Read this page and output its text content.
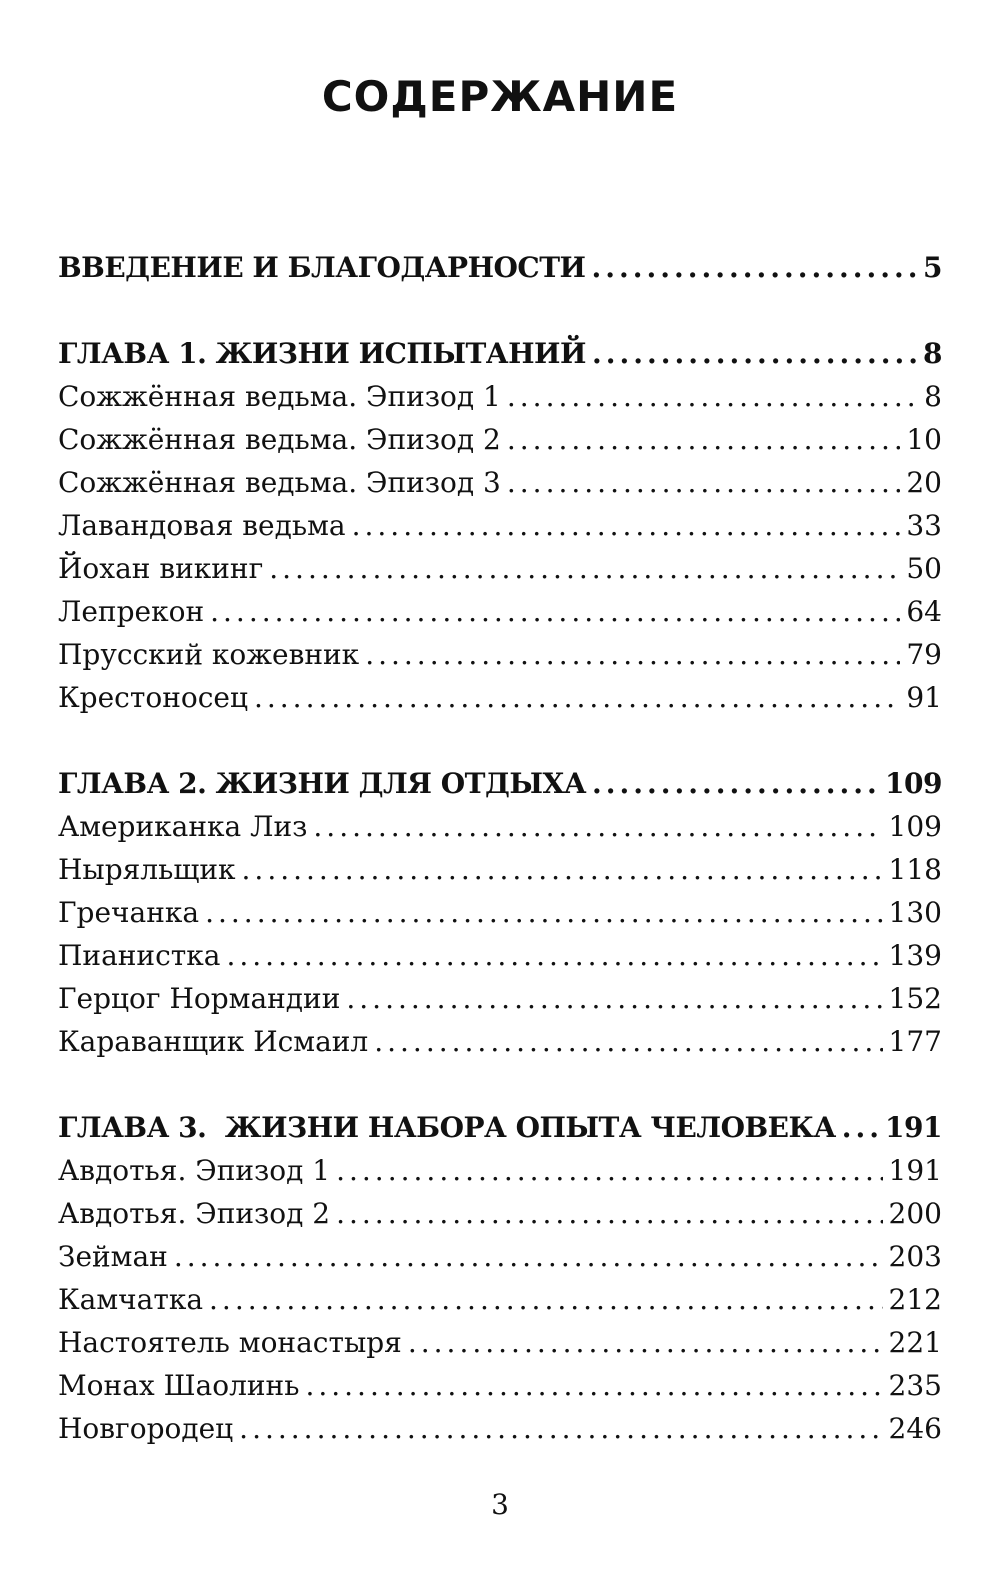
СОДЕРЖАНИЕ
ВВЕДЕНИЕ И БЛАГОДАРНОСТИ .....	5
ГЛАВА 1. ЖИЗНИ ИСПЫТАНИЙ .....	8
Сожжённая ведьма. Эпизод 1 .....	8
Сожжённая ведьма. Эпизод 2 .....	10
Сожжённая ведьма. Эпизод 3 .....	20
Лавандовая ведьма .....	33
Йохан викинг .....	50
Лепрекон .....	64
Прусский кожевник .....	79
Крестоносец .....	91
ГЛАВА 2. ЖИЗНИ ДЛЯ ОТДЫХА .....	109
Американка Лиз .....	109
Ныряльщик .....	118
Гречанка .....	130
Пианистка .....	139
Герцог Нормандии .....	152
Караванщик Исмаил .....	177
ГЛАВА 3.  ЖИЗНИ НАБОРА ОПЫТА ЧЕЛОВЕКА ..... 191
Авдотья. Эпизод 1 .....	191
Авдотья. Эпизод 2 .....	200
Зейман .....	203
Камчатка .....	212
Настоятель монастыря .....	221
Монах Шаолинь .....	235
Новгородец .....	246
3
